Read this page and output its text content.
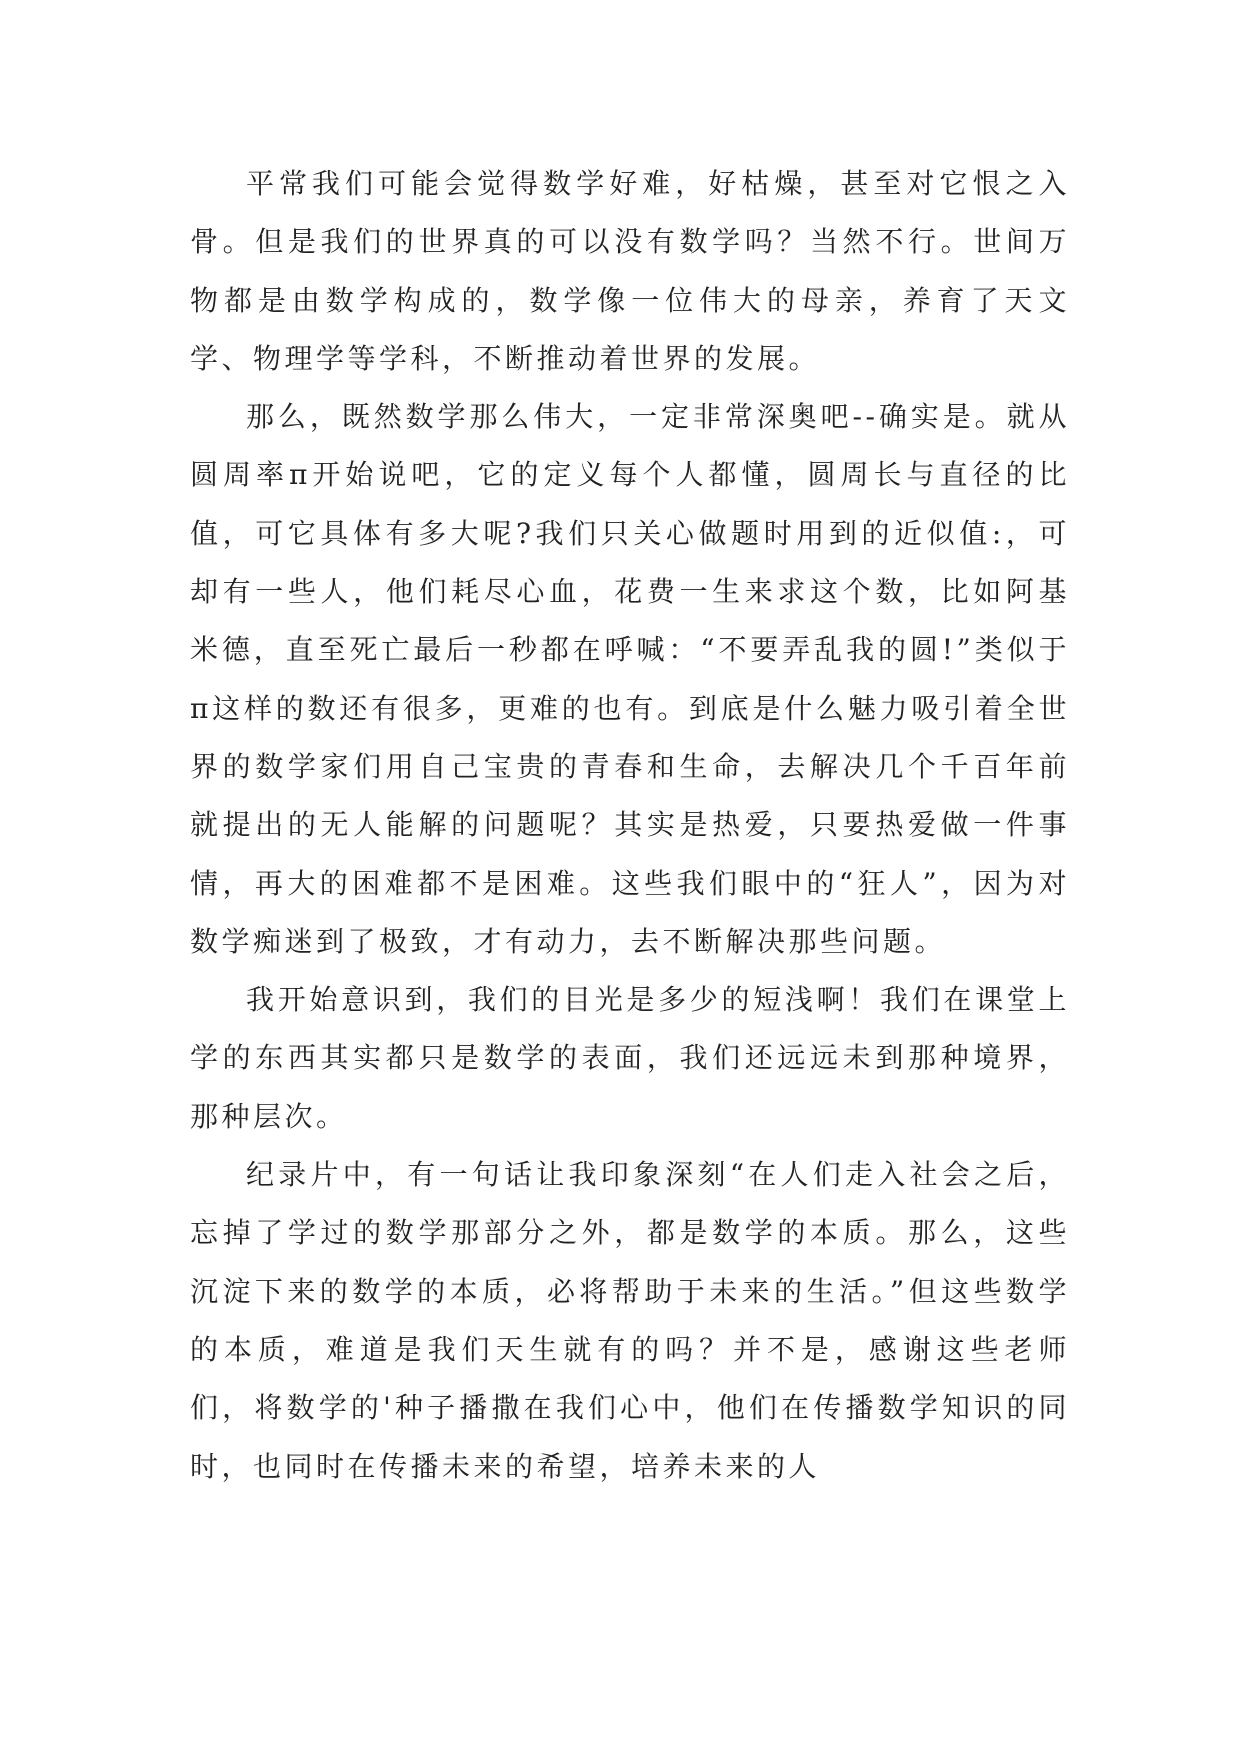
平常我们可能会觉得数学好难，好枯燥，甚至对它恨之入骨。但是我们的世界真的可以没有数学吗？当然不行。世间万物都是由数学构成的，数学像一位伟大的母亲，养育了天文学、物理学等学科，不断推动着世界的发展。

那么，既然数学那么伟大，一定非常深奥吧--确实是。就从圆周率π开始说吧，它的定义每个人都懂，圆周长与直径的比值，可它具体有多大呢?我们只关心做题时用到的近似值:，可却有一些人，他们耗尽心血，花费一生来求这个数，比如阿基米德，直至死亡最后一秒都在呼喊：“不要弄乱我的圆!”类似于π这样的数还有很多，更难的也有。到底是什么魅力吸引着全世界的数学家们用自己宝贵的青春和生命，去解决几个千百年前就提出的无人能解的问题呢？其实是热爱，只要热爱做一件事情，再大的困难都不是困难。这些我们眼中的“狂人”，因为对数学痴迷到了极致，才有动力，去不断解决那些问题。

我开始意识到，我们的目光是多少的短浅啊！我们在课堂上学的东西其实都只是数学的表面，我们还远远未到那种境界，那种层次。

纪录片中，有一句话让我印象深刻“在人们走入社会之后，忘掉了学过的数学那部分之外，都是数学的本质。那么，这些沉淀下来的数学的本质，必将帮助于未来的生活。”但这些数学的本质，难道是我们天生就有的吗？并不是，感谢这些老师们，将数学的'种子播撒在我们心中，他们在传播数学知识的同时，也同时在传播未来的希望，培养未来的人
